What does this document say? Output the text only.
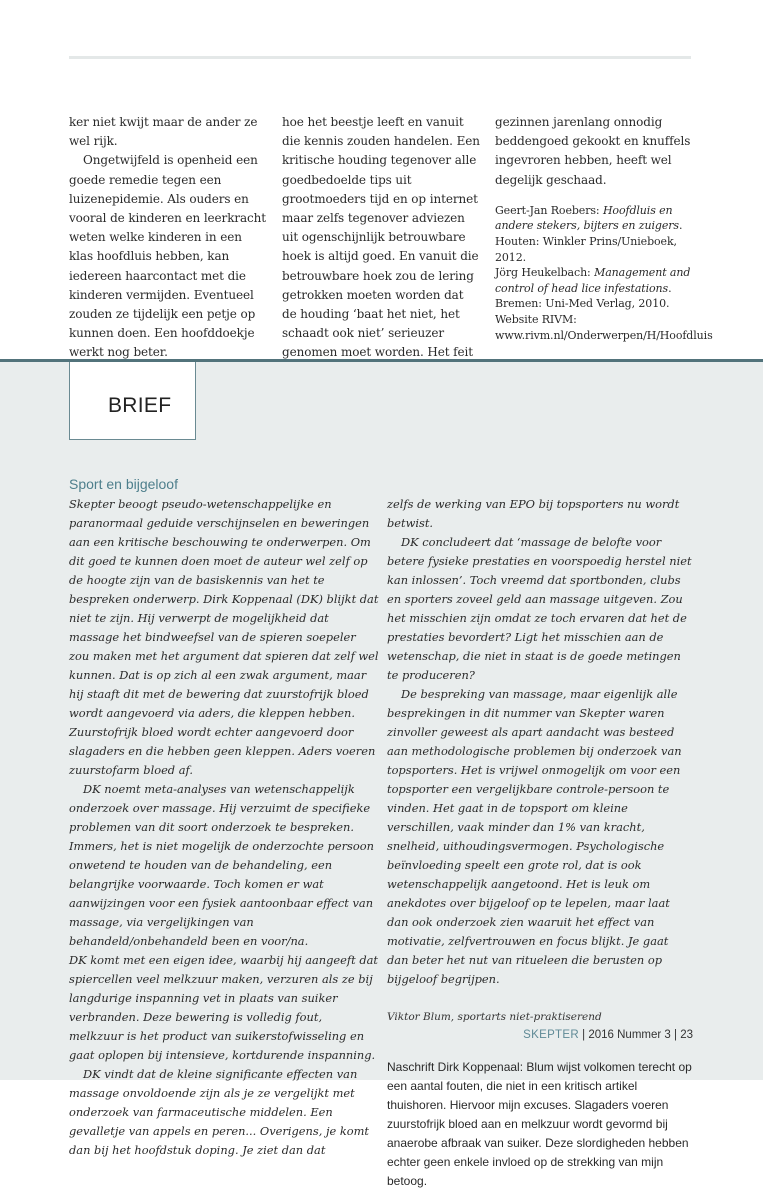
ker niet kwijt maar de ander ze wel rijk.

Ongetwijfeld is openheid een goede remedie tegen een luizenepidemie. Als ouders en vooral de kinderen en leerkracht weten welke kinderen in een klas hoofdluis hebben, kan iedereen haarcontact met die kinderen vermijden. Eventueel zouden ze tijdelijk een petje op kunnen doen. Een hoofddoekje werkt nog beter.

hoe het beestje leeft en vanuit die kennis zouden handelen. Een kritische houding tegenover alle goedbedoelde tips uit grootmoeders tijd en op internet maar zelfs tegenover adviezen uit ogenschijnlijk betrouwbare hoek is altijd goed. En vanuit die betrouwbare hoek zou de lering getrokken moeten worden dat de houding ‘baat het niet, het schaadt ook niet’ serieuzer genomen moet worden. Het feit

gezinnen jarenlang onnodig beddengoed gekookt en knuffels ingevroren hebben, heeft wel degelijk geschaad.

Geert-Jan Roebers: Hoofdluis en andere stekers, bijters en zuigers. Houten: Winkler Prins/Unieboek, 2012.

Jörg Heukelbach: Management and control of head lice infestations. Bremen: Uni-Med Verlag, 2010.

Website RIVM: www.rivm.nl/Onderwerpen/H/Hoofdluis

BRIEF
Sport en bijgeloof

Skepter beoogt pseudo-wetenschappelijke en paranormaal geduide verschijnselen en beweringen aan een kritische beschouwing te onderwerpen. Om dit goed te kunnen doen moet de auteur wel zelf op de hoogte zijn van de basiskennis van het te bespreken onderwerp. Dirk Koppenaal (DK) blijkt dat niet te zijn. Hij verwerpt de mogelijkheid dat massage het bindweefsel van de spieren soepeler zou maken met het argument dat spieren dat zelf wel kunnen. Dat is op zich al een zwak argument, maar hij staaft dit met de bewering dat zuurstofrijk bloed wordt aangevoerd via aders, die kleppen hebben. Zuurstofrijk bloed wordt echter aangevoerd door slagaders en die hebben geen kleppen. Aders voeren zuurstofarm bloed af.

DK noemt meta-analyses van wetenschappelijk onderzoek over massage. Hij verzuimt de specifieke problemen van dit soort onderzoek te bespreken. Immers, het is niet mogelijk de onderzochte persoon onwetend te houden van de behandeling, een belangrijke voorwaarde. Toch komen er wat aanwijzingen voor een fysiek aantoonbaar effect van massage, via vergelijkingen van behandeld/onbehandeld been en voor/na.

DK komt met een eigen idee, waarbij hij aangeeft dat spiercellen veel melkzuur maken, verzuren als ze bij langdurige inspanning vet in plaats van suiker verbranden. Deze bewering is volledig fout, melkzuur is het product van suikerstofwisseling en gaat oplopen bij intensieve, kortdurende inspanning.

DK vindt dat de kleine significante effecten van massage onvoldoende zijn als je ze vergelijkt met onderzoek van farmaceutische middelen. Een gevalletje van appels en peren... Overigens, je komt dan bij het hoofdstuk doping. Je ziet dan dat

zelfs de werking van EPO bij topsporters nu wordt betwist.

DK concludeert dat ‘massage de belofte voor betere fysieke prestaties en voorspoedig herstel niet kan inlossen’. Toch vreemd dat sportbonden, clubs en sporters zoveel geld aan massage uitgeven. Zou het misschien zijn omdat ze toch ervaren dat het de prestaties bevordert? Ligt het misschien aan de wetenschap, die niet in staat is de goede metingen te produceren?

De bespreking van massage, maar eigenlijk alle besprekingen in dit nummer van Skepter waren zinvoller geweest als apart aandacht was besteed aan methodologische problemen bij onderzoek van topsporters. Het is vrijwel onmogelijk om voor een topsporter een vergelijkbare controle-persoon te vinden. Het gaat in de topsport om kleine verschillen, vaak minder dan 1% van kracht, snelheid, uithoudingsvermogen. Psychologische beïnvloeding speelt een grote rol, dat is ook wetenschappelijk aangetoond. Het is leuk om anekdotes over bijgeloof op te lepelen, maar laat dan ook onderzoek zien waaruit het effect van motivatie, zelfvertrouwen en focus blijkt. Je gaat dan beter het nut van ritueleen die berusten op bijgeloof begrijpen.

Viktor Blum, sportarts niet-praktiserend

Naschrift Dirk Koppenaal: Blum wijst volkomen terecht op een aantal fouten, die niet in een kritisch artikel thuishoren. Hiervoor mijn excuses. Slagaders voeren zuurstofrijk bloed aan en melkzuur wordt gevormd bij anaerobe afbraak van suiker. Deze slordigheden hebben echter geen enkele invloed op de strekking van mijn betoog.

SKEPTER | 2016 Nummer 3 | 23
